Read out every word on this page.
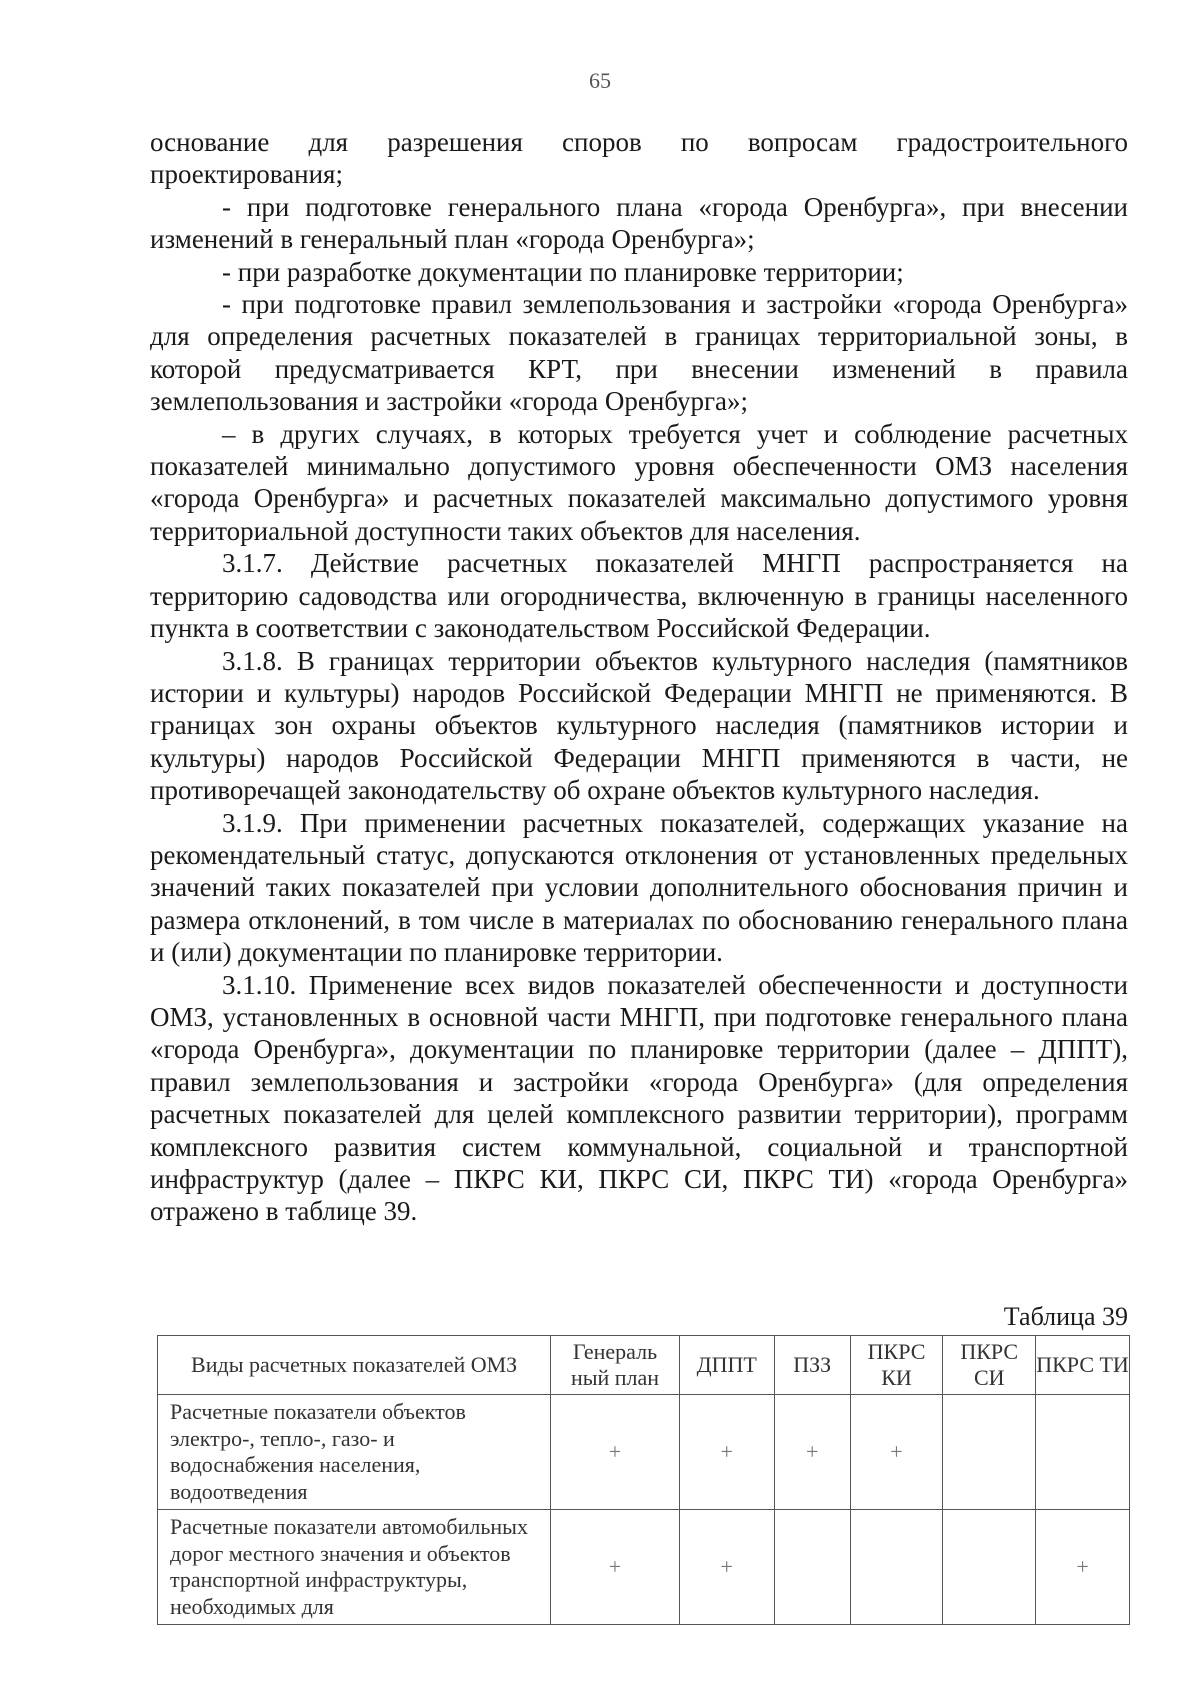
65

основание для разрешения споров по вопросам градостроительного проектирования;

- при подготовке генерального плана «города Оренбурга», при внесении изменений в генеральный план «города Оренбурга»;

- при разработке документации по планировке территории;

- при подготовке правил землепользования и застройки «города Оренбурга» для определения расчетных показателей в границах территориальной зоны, в которой предусматривается КРТ, при внесении изменений в правила землепользования и застройки «города Оренбурга»;

– в других случаях, в которых требуется учет и соблюдение расчетных показателей минимально допустимого уровня обеспеченности ОМЗ населения «города Оренбурга» и расчетных показателей максимально допустимого уровня территориальной доступности таких объектов для населения.

3.1.7. Действие расчетных показателей МНГП распространяется на территорию садоводства или огородничества, включенную в границы населенного пункта в соответствии с законодательством Российской Федерации.

3.1.8. В границах территории объектов культурного наследия (памятников истории и культуры) народов Российской Федерации МНГП не применяются. В границах зон охраны объектов культурного наследия (памятников истории и культуры) народов Российской Федерации МНГП применяются в части, не противоречащей законодательству об охране объектов культурного наследия.

3.1.9. При применении расчетных показателей, содержащих указание на рекомендательный статус, допускаются отклонения от установленных предельных значений таких показателей при условии дополнительного обоснования причин и размера отклонений, в том числе в материалах по обоснованию генерального плана и (или) документации по планировке территории.

3.1.10. Применение всех видов показателей обеспеченности и доступности ОМЗ, установленных в основной части МНГП, при подготовке генерального плана «города Оренбурга», документации по планировке территории (далее – ДППТ), правил землепользования и застройки «города Оренбурга» (для определения расчетных показателей для целей комплексного развитии территории), программ комплексного развития систем коммунальной, социальной и транспортной инфраструктур (далее – ПКРС КИ, ПКРС СИ, ПКРС ТИ) «города Оренбурга» отражено в таблице 39.

Таблица 39
Виды расчетных показателей ОМЗ	Генераль ный план	ДППТ	ПЗЗ	ПКРС КИ	ПКРС СИ	ПКРС ТИ
Расчетные показатели объектов электро-, тепло-, газо- и водоснабжения населения, водоотведения	+	+	+	+		
Расчетные показатели автомобильных дорог местного значения и объектов транспортной инфраструктуры, необходимых для	+	+				+
